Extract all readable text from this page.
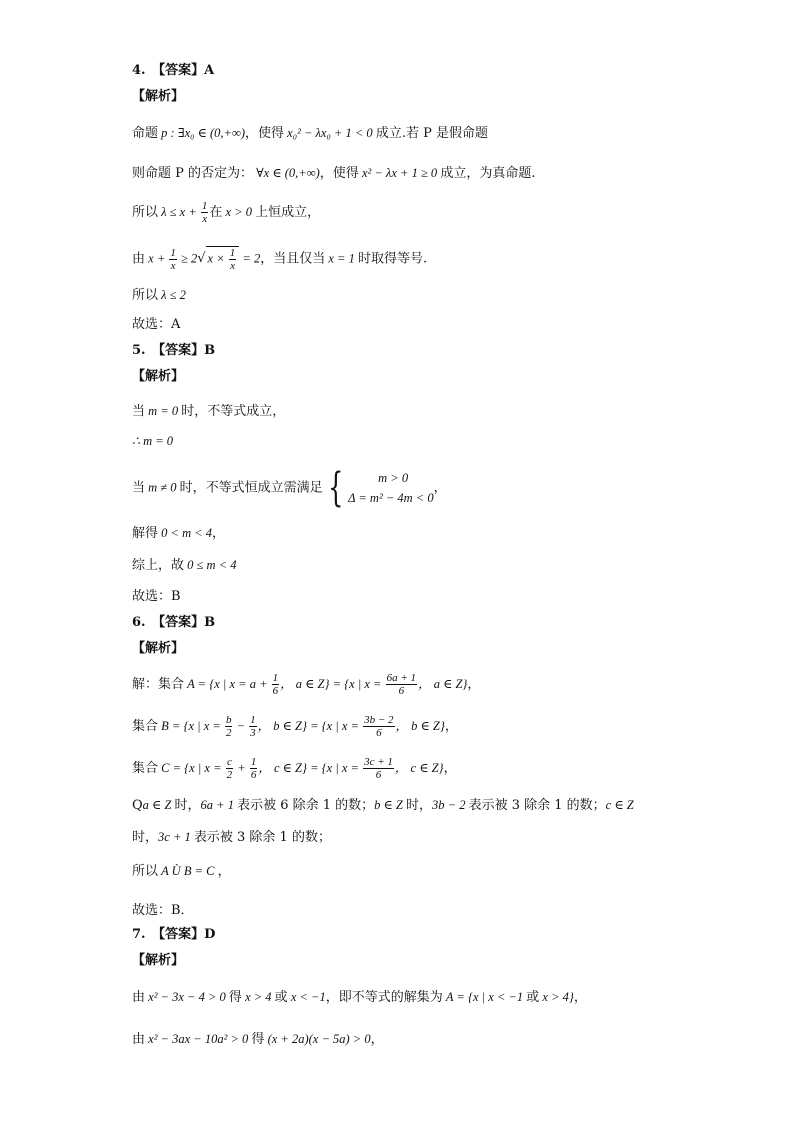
4.　【答案】A
【解析】
命题 p : ∃x₀ ∈ (0,+∞)，使得 x₀² − λx₀ + 1 < 0 成立.若 P 是假命题
则命题 P 的否定为： ∀x ∈ (0,+∞)，使得 x² − λx + 1 ≥ 0 成立，为真命题.
所以 $\lambda \le x + \frac{1}{x}$ 在 x > 0 上恒成立，
由 $x + \frac{1}{x} \ge 2√$ $x \times \frac{1}{x} = 2$，当且仅当 x = 1 时取得等号.
所以 λ ≤ 2
故选：A
5.　【答案】B
【解析】
当 m = 0 时，不等式成立，
∴ m = 0
当 m ≠ 0 时，不等式恒成立需满足 {	m > 0
Δ = m² − 4m < 0
，
解得 0 < m < 4，
综上，故 0 ≤ m < 4
故选：B
6.　【答案】B
【解析】
解：集合 A = {x | $x = a + \frac{1}{6}$ ， a ∈ Z} = {x | $x = \frac{6a + 1}{6}$ ， a ∈ Z}，
集合 B = {x | $x = \frac{b}{2} - \frac{1}{3}$ ， b ∈ Z} = {x | $x = \frac{3b - 2}{6}$ ， b ∈ Z}，
集合 C = {x | $x = \frac{c}{2} + \frac{1}{6}$ ， c ∈ Z} = {x | $x = \frac{3c + 1}{6}$ ， c ∈ Z}，
Qa ∈ Z 时，6a + 1 表示被 6 除余 1 的数；b ∈ Z 时，3b − 2 表示被 3 除余 1 的数；c ∈ Z
时，3c + 1 表示被 3 除余 1 的数；
所以 A Ù B = C ，
故选：B．
7.　【答案】D
【解析】
由 x² − 3x − 4 > 0 得 x > 4 或 x < −1，即不等式的解集为 A = {x | x < −1 或 x > 4}，
由 x² − 3ax − 10a² > 0 得 (x + 2a)(x − 5a) > 0，
